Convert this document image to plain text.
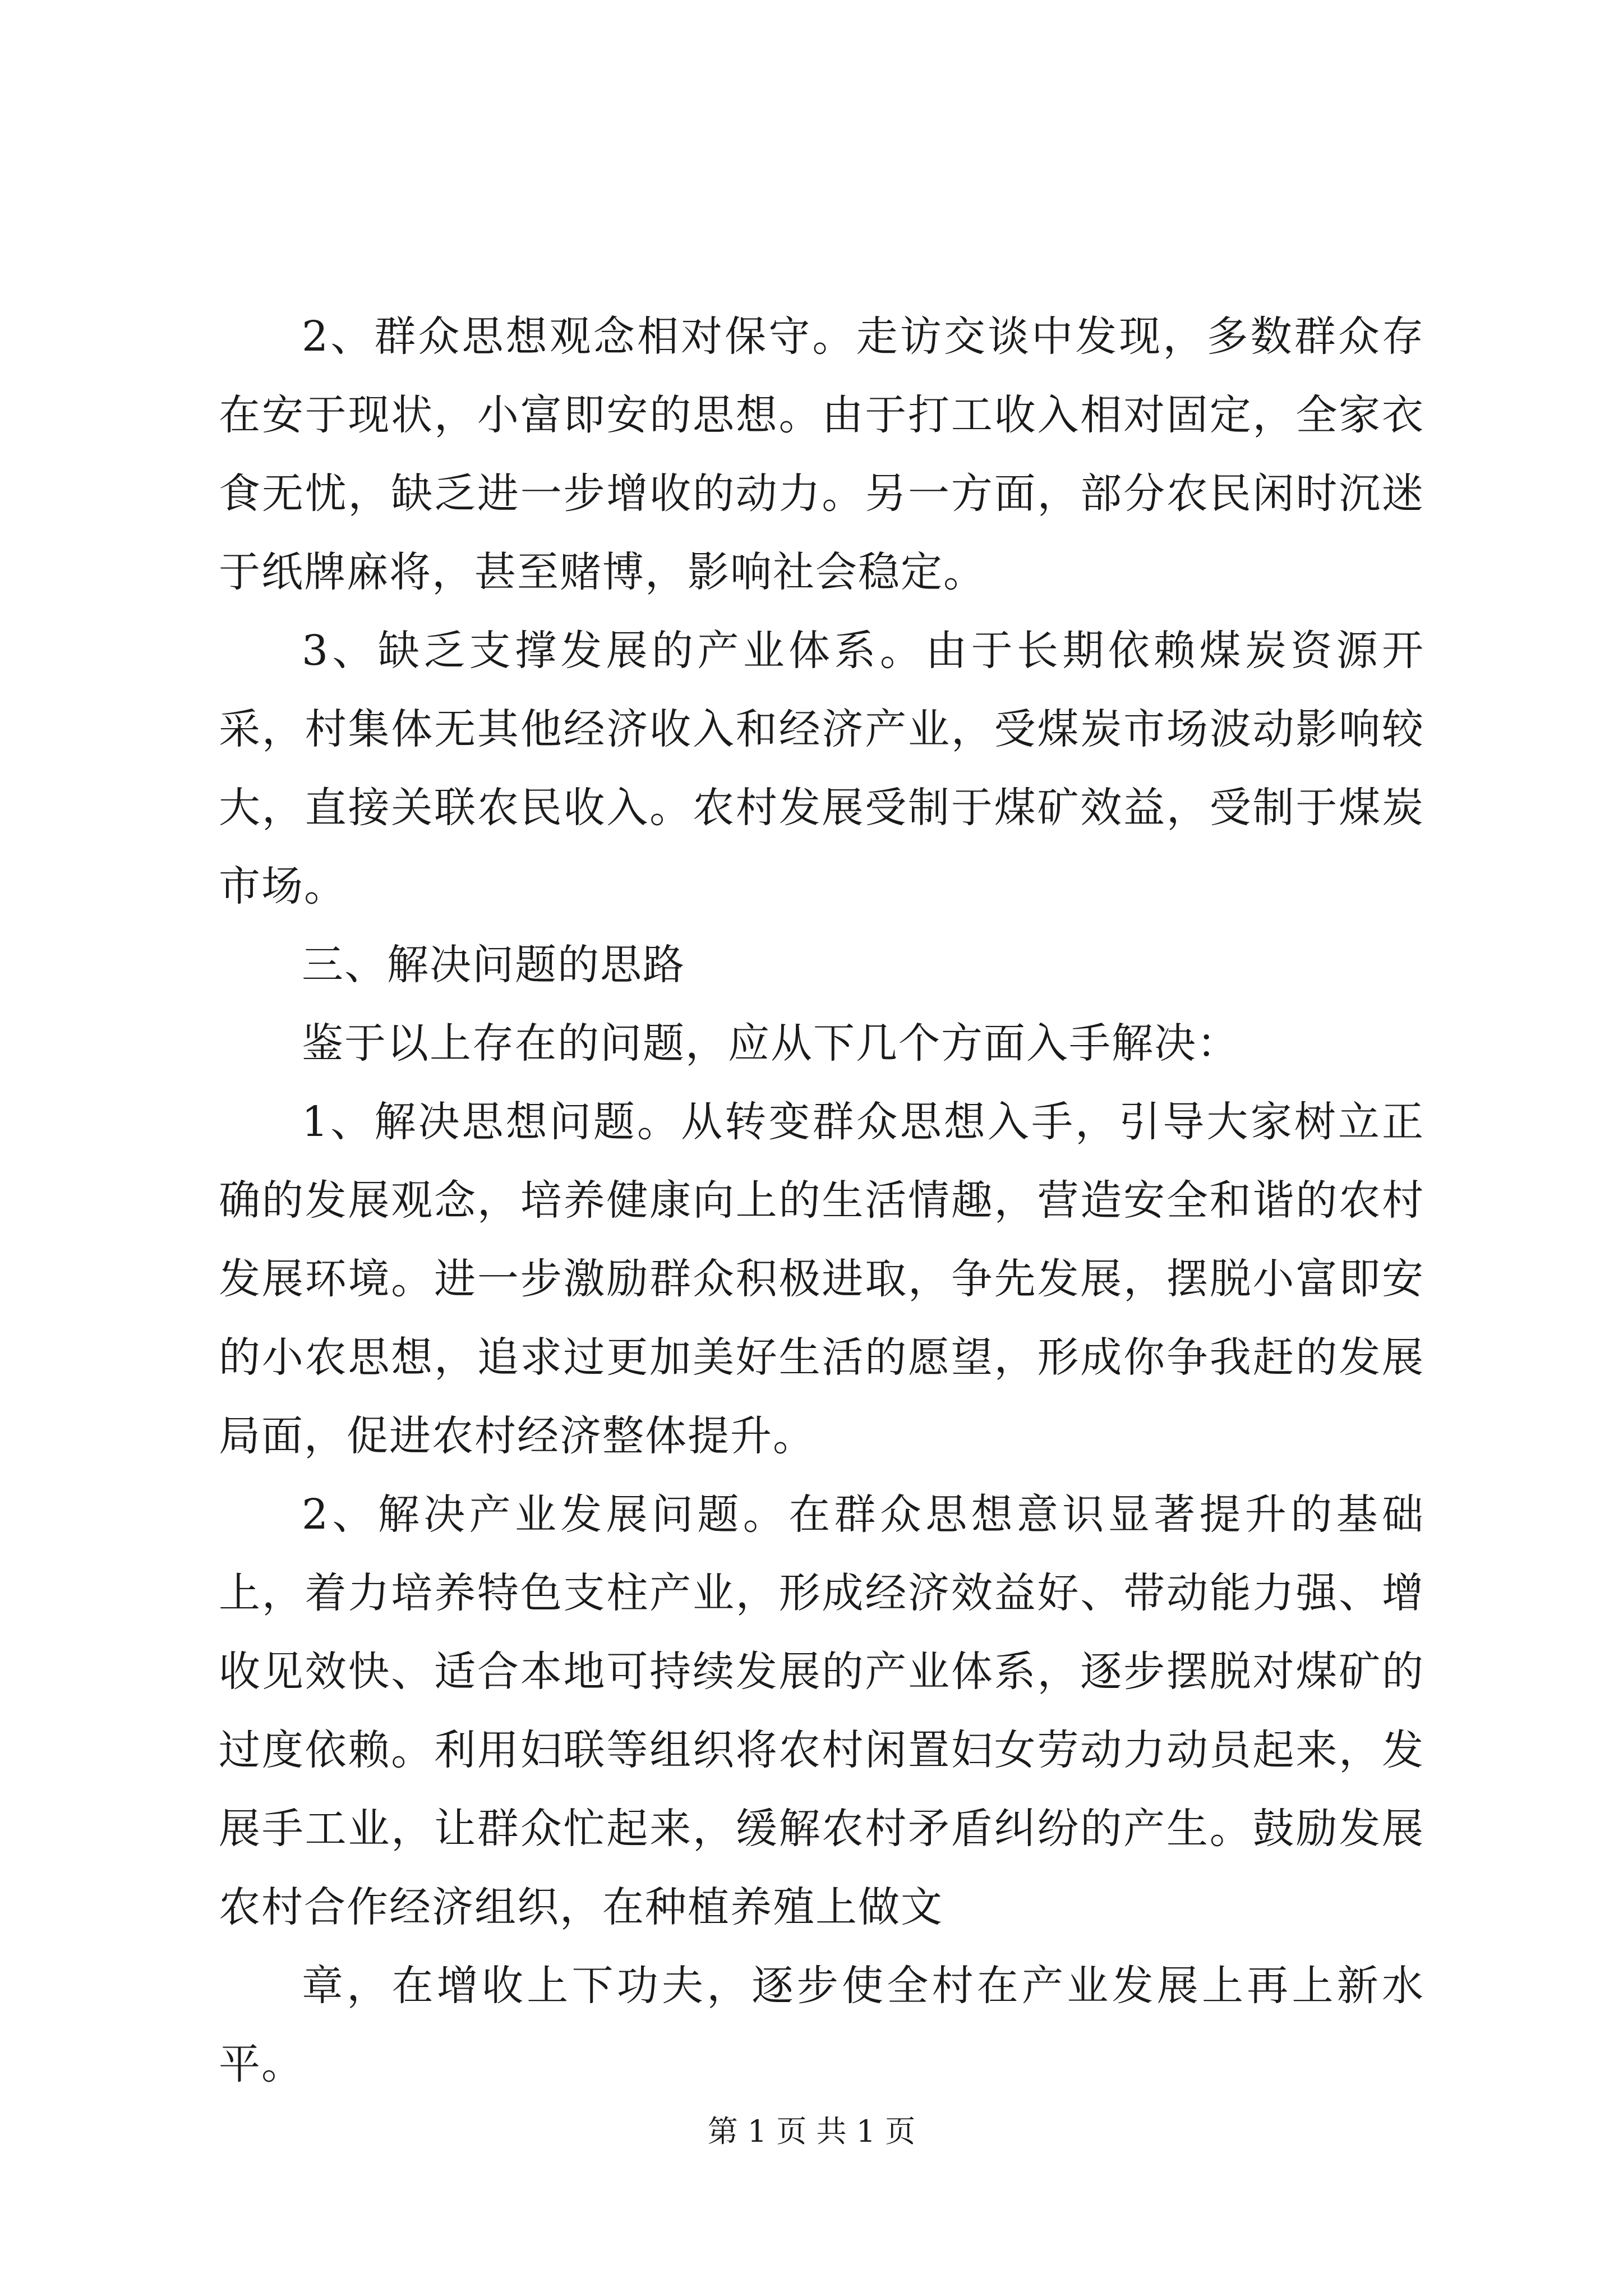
2、群众思想观念相对保守。走访交谈中发现，多数群众存在安于现状，小富即安的思想。由于打工收入相对固定，全家衣食无忧，缺乏进一步增收的动力。另一方面，部分农民闲时沉迷于纸牌麻将，甚至赌博，影响社会稳定。

3、缺乏支撑发展的产业体系。由于长期依赖煤炭资源开采，村集体无其他经济收入和经济产业，受煤炭市场波动影响较大，直接关联农民收入。农村发展受制于煤矿效益，受制于煤炭市场。

三、解决问题的思路

鉴于以上存在的问题，应从下几个方面入手解决：

1、解决思想问题。从转变群众思想入手，引导大家树立正确的发展观念，培养健康向上的生活情趣，营造安全和谐的农村发展环境。进一步激励群众积极进取，争先发展，摆脱小富即安的小农思想，追求过更加美好生活的愿望，形成你争我赶的发展局面，促进农村经济整体提升。

2、解决产业发展问题。在群众思想意识显著提升的基础上，着力培养特色支柱产业，形成经济效益好、带动能力强、增收见效快、适合本地可持续发展的产业体系，逐步摆脱对煤矿的过度依赖。利用妇联等组织将农村闲置妇女劳动力动员起来，发展手工业，让群众忙起来，缓解农村矛盾纠纷的产生。鼓励发展农村合作经济组织，在种植养殖上做文

章，在增收上下功夫，逐步使全村在产业发展上再上新水平。

第 1 页 共 1 页
